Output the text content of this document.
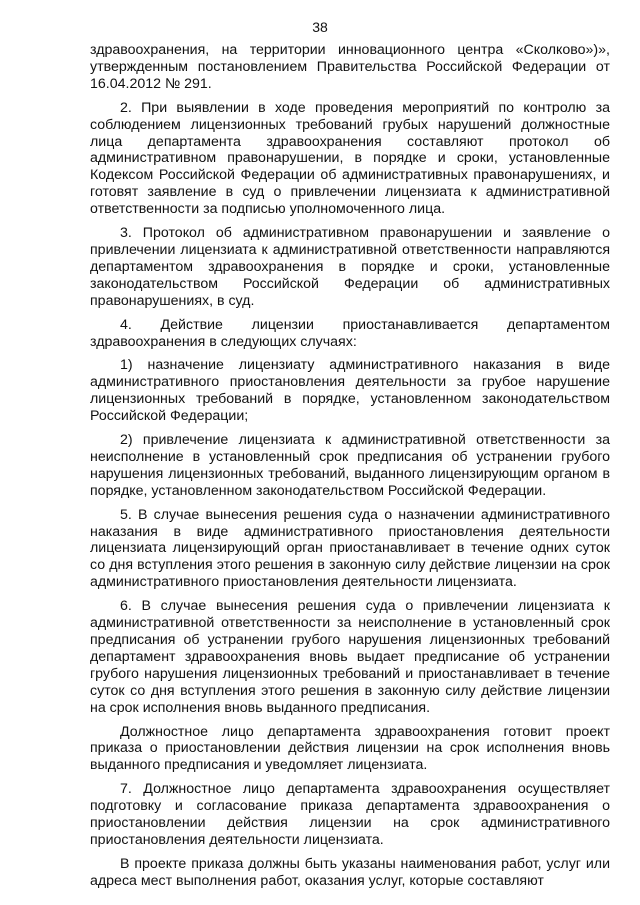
38

здравоохранения, на территории инновационного центра «Сколково»)», утвержденным постановлением Правительства Российской Федерации от 16.04.2012 № 291.

2. При выявлении в ходе проведения мероприятий по контролю за соблюдением лицензионных требований грубых нарушений должностные лица департамента здравоохранения составляют протокол об административном правонарушении, в порядке и сроки, установленные Кодексом Российской Федерации об административных правонарушениях, и готовят заявление в суд о привлечении лицензиата к административной ответственности за подписью уполномоченного лица.

3. Протокол об административном правонарушении и заявление о привлечении лицензиата к административной ответственности направляются департаментом здравоохранения в порядке и сроки, установленные законодательством Российской Федерации об административных правонарушениях, в суд.

4. Действие лицензии приостанавливается департаментом здравоохранения в следующих случаях:

1) назначение лицензиату административного наказания в виде административного приостановления деятельности за грубое нарушение лицензионных требований в порядке, установленном законодательством Российской Федерации;

2) привлечение лицензиата к административной ответственности за неисполнение в установленный срок предписания об устранении грубого нарушения лицензионных требований, выданного лицензирующим органом в порядке, установленном законодательством Российской Федерации.

5. В случае вынесения решения суда о назначении административного наказания в виде административного приостановления деятельности лицензиата лицензирующий орган приостанавливает в течение одних суток со дня вступления этого решения в законную силу действие лицензии на срок административного приостановления деятельности лицензиата.

6. В случае вынесения решения суда о привлечении лицензиата к административной ответственности за неисполнение в установленный срок предписания об устранении грубого нарушения лицензионных требований департамент здравоохранения вновь выдает предписание об устранении грубого нарушения лицензионных требований и приостанавливает в течение суток со дня вступления этого решения в законную силу действие лицензии на срок исполнения вновь выданного предписания.

Должностное лицо департамента здравоохранения готовит проект приказа о приостановлении действия лицензии на срок исполнения вновь выданного предписания и уведомляет лицензиата.

7. Должностное лицо департамента здравоохранения осуществляет подготовку и согласование приказа департамента здравоохранения о приостановлении действия лицензии на срок административного приостановления деятельности лицензиата.

В проекте приказа должны быть указаны наименования работ, услуг или адреса мест выполнения работ, оказания услуг, которые составляют
